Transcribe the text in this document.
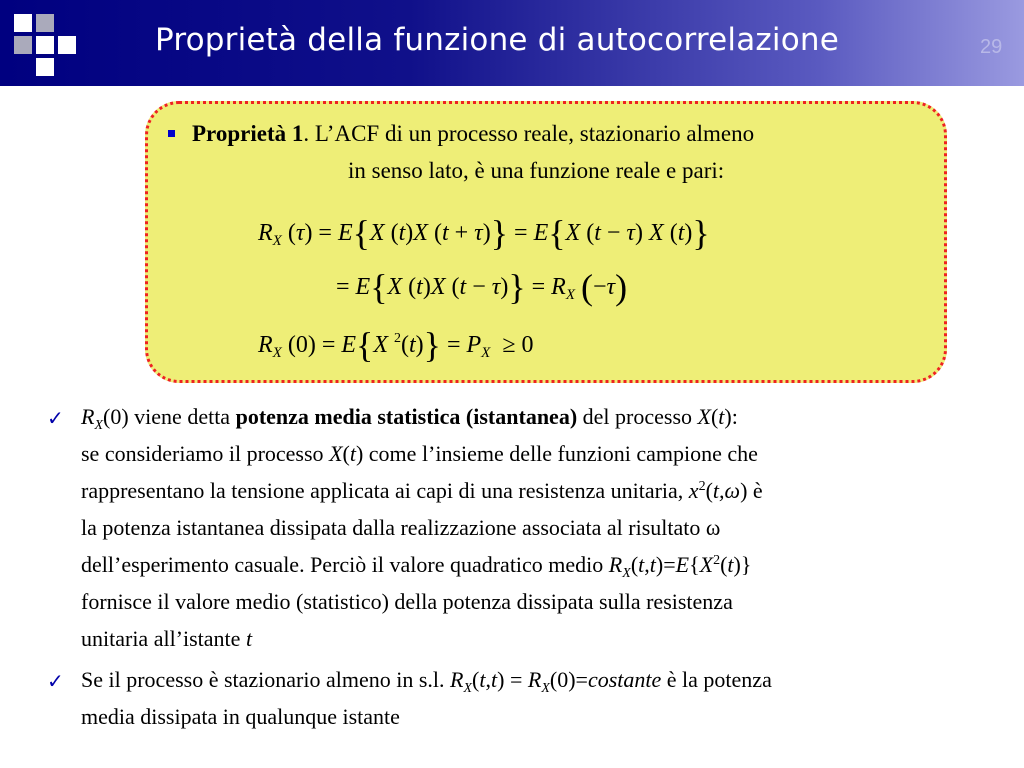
Proprietà della funzione di autocorrelazione	29
Proprietà 1. L’ACF di un processo reale, stazionario almeno
in senso lato, è una funzione reale e pari:
$R_X$ (τ) = E{X (t)X (t + τ)} = E{X (t − τ) X (t)}
= E{X (t)X $(t - \tau)\} = R_X$ (−τ)
$R_X$ (0) = E{X $^2(t)\} = P_X \ge 0$
✓ $R_X(0)$ viene detta potenza media statistica (istantanea) del processo X(t):
se consideriamo il processo X(t) come l’insieme delle funzioni campione che
rappresentano la tensione applicata ai capi di una resistenza unitaria, $x^2(t,\omega)$ è
la potenza istantanea dissipata dalla realizzazione associata al risultato ω
dell’esperimento casuale. Perciò il valore quadratico medio $R_X(t,t)=E\{X^2(t)\}$
fornisce il valore medio (statistico) della potenza dissipata sulla resistenza
unitaria all’istante t
✓ Se il processo è stazionario almeno in s.l. $R_X(t,t)$ = $R_X(0)=costante$ è la potenza
media dissipata in qualunque istante
